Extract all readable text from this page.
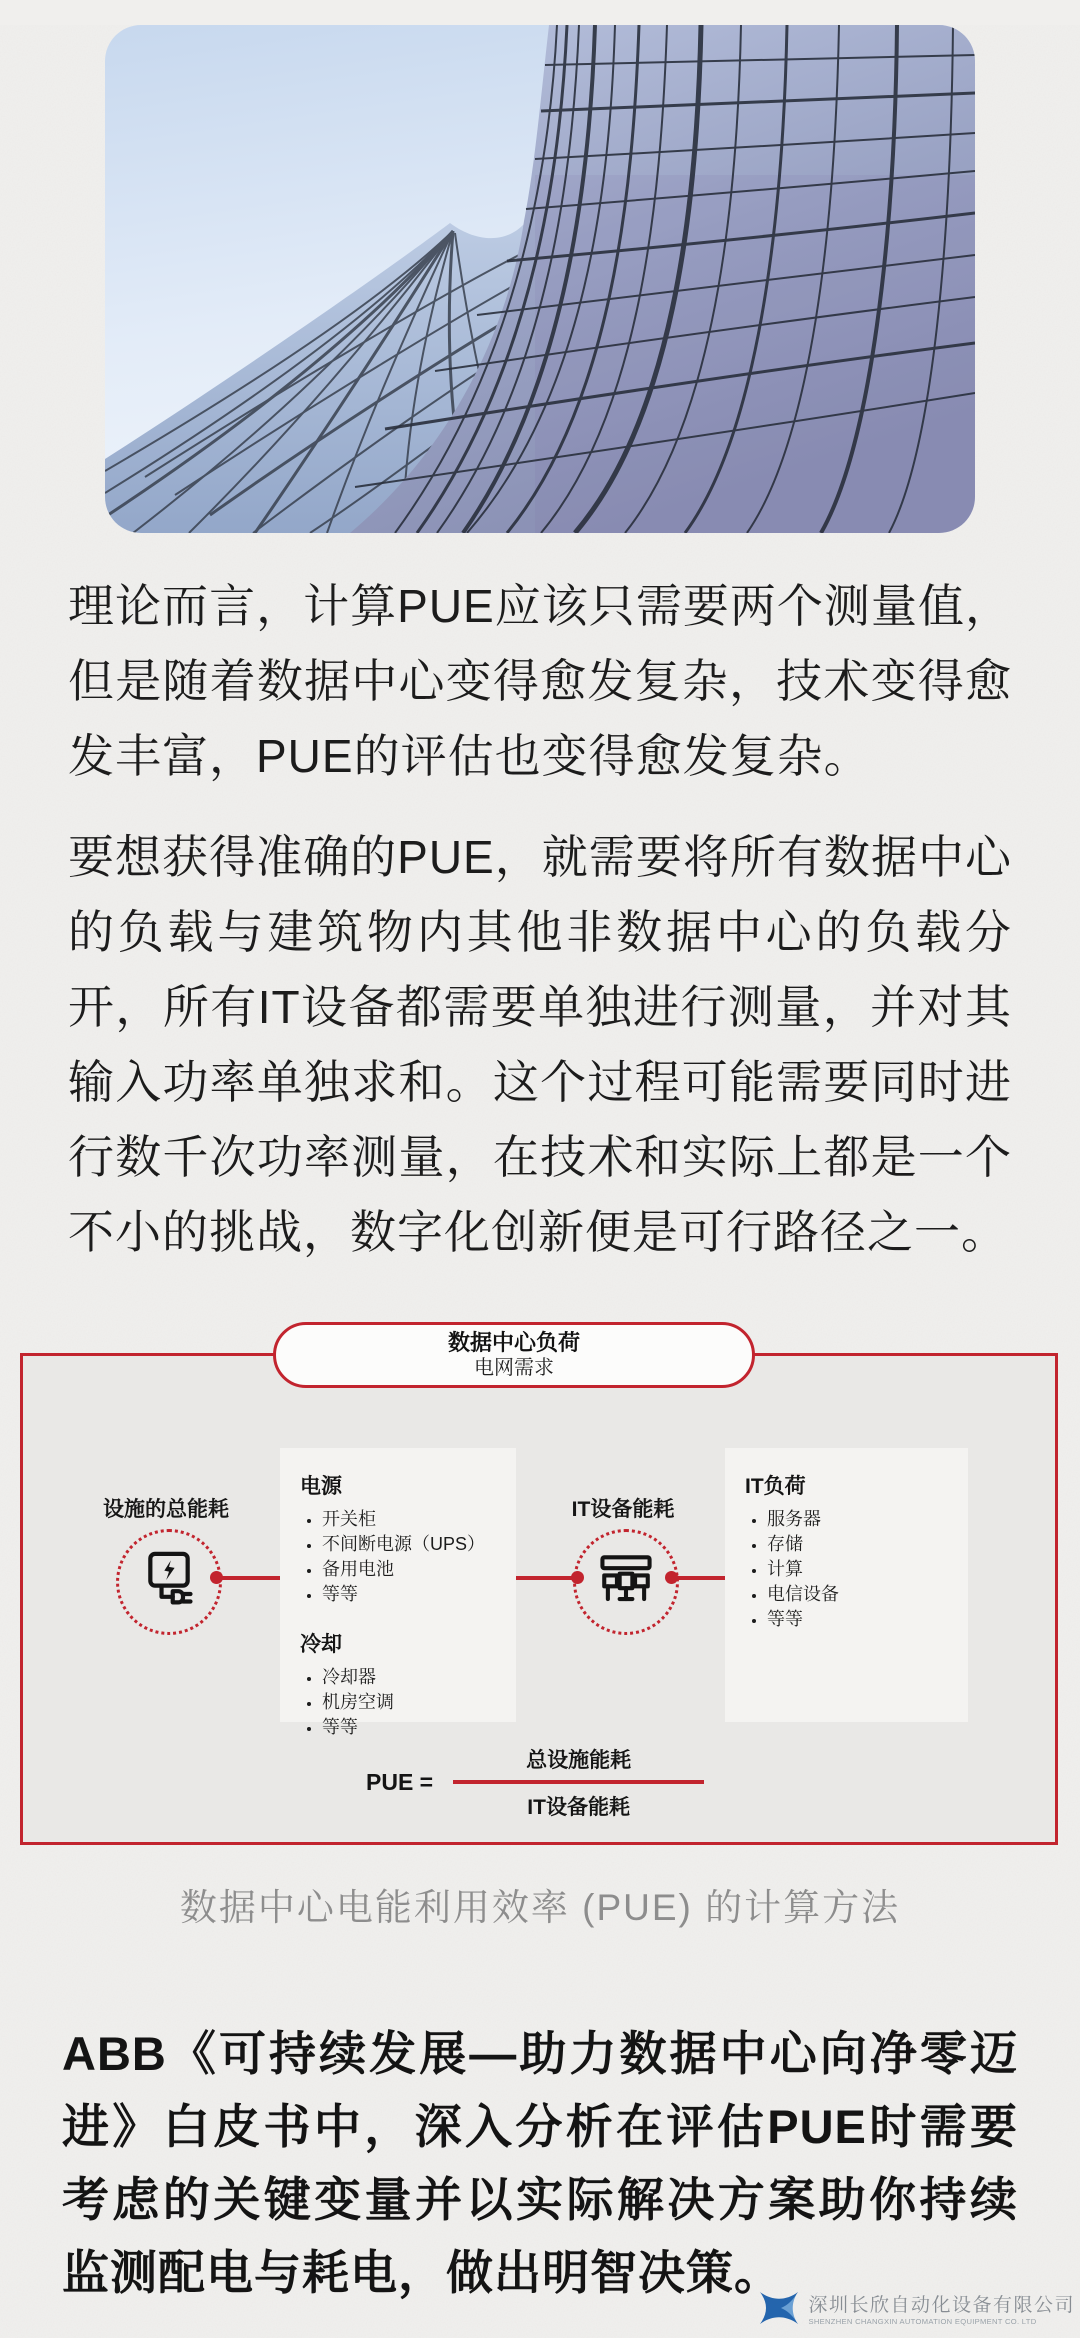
理论而言，计算PUE应该只需要两个测量值，但是随着数据中心变得愈发复杂，技术变得愈发丰富，PUE的评估也变得愈发复杂。

要想获得准确的PUE，就需要将所有数据中心的负载与建筑物内其他非数据中心的负载分开，所有IT设备都需要单独进行测量，并对其输入功率单独求和。这个过程可能需要同时进行数千次功率测量，在技术和实际上都是一个不小的挑战，数字化创新便是可行路径之一。

数据中心负荷
电网需求
设施的总能耗
电源
• 开关柜
• 不间断电源（UPS）
• 备用电池
• 等等
冷却
• 冷却器
• 机房空调
• 等等
IT设备能耗
IT负荷
• 服务器
• 存储
• 计算
• 电信设备
• 等等
PUE = $\frac{\text{总设施能耗}}{\text{IT设备能耗}}$
数据中心电能利用效率 (PUE) 的计算方法
ABB《可持续发展—助力数据中心向净零迈进》白皮书中，深入分析在评估PUE时需要考虑的关键变量并以实际解决方案助你持续监测配电与耗电，做出明智决策。
深圳长欣自动化设备有限公司
SHENZHEN CHANGXIN AUTOMATION EQUIPMENT CO. LTD
